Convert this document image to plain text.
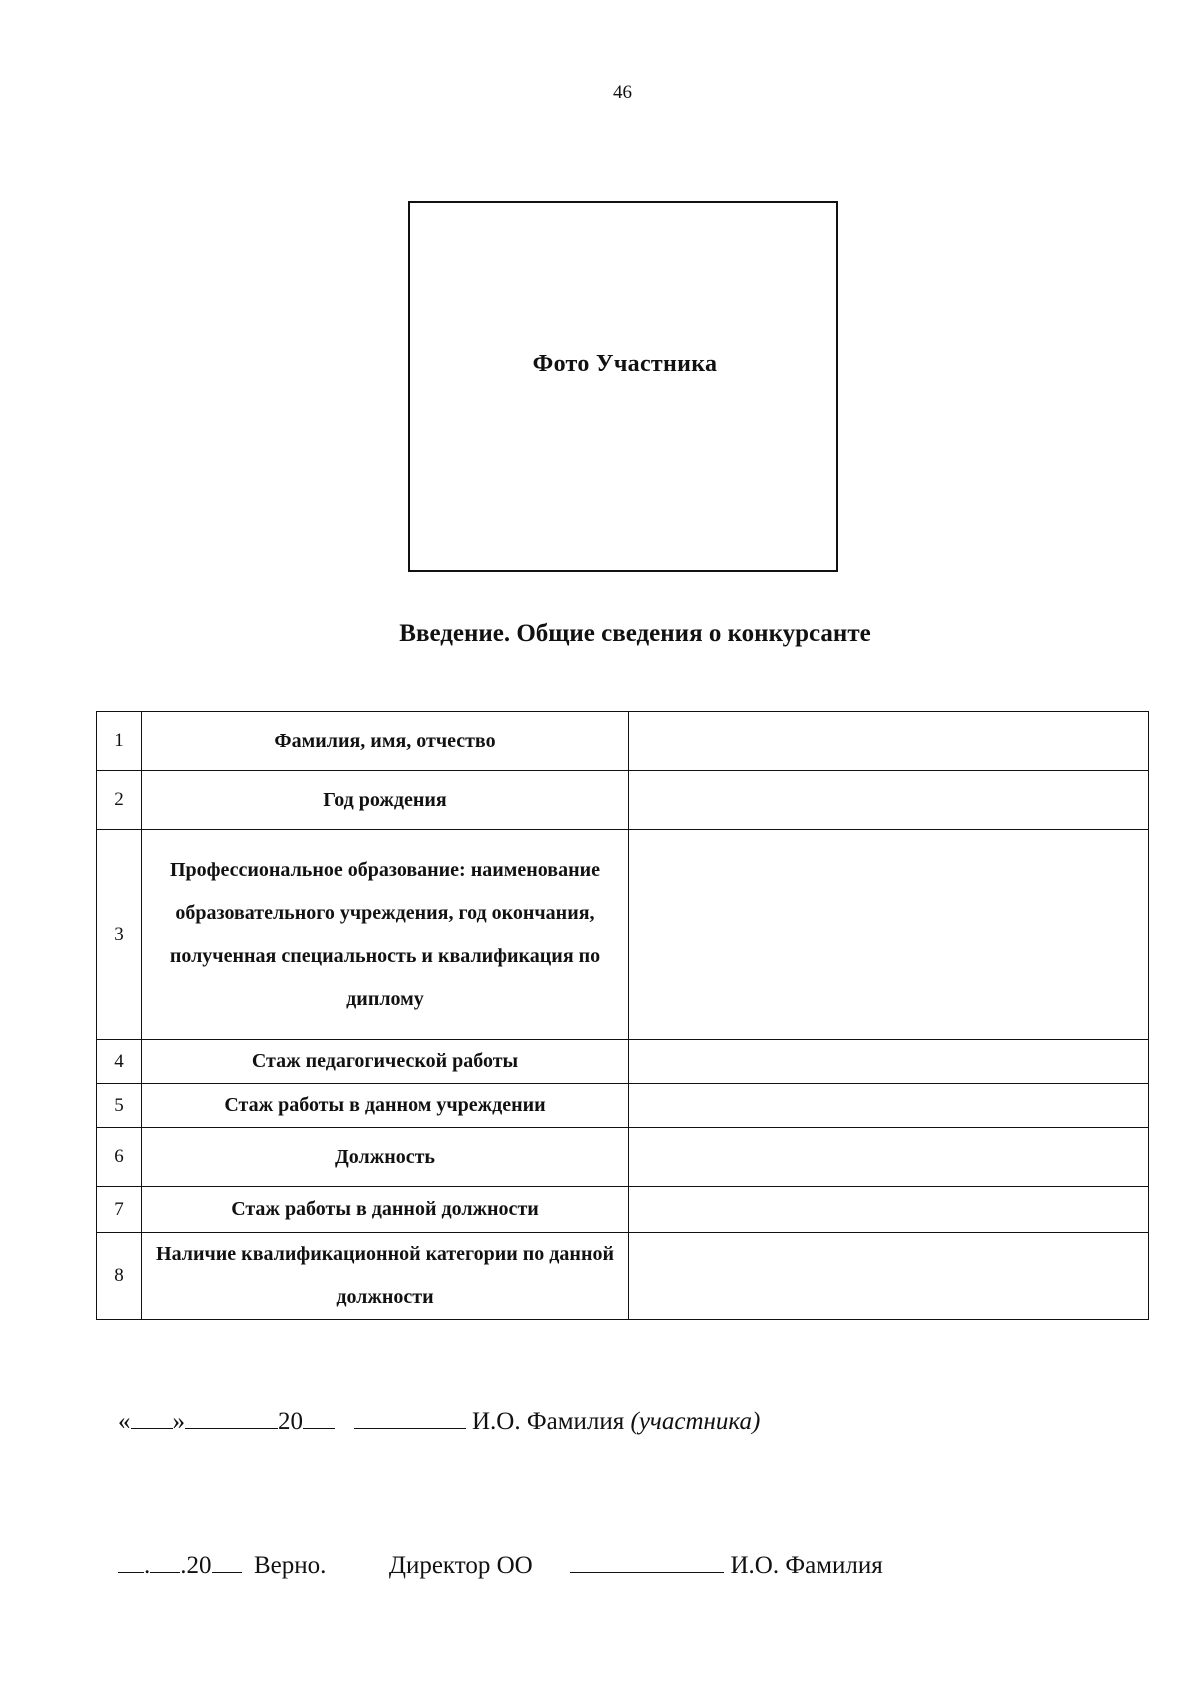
46
Фото Участника
Введение. Общие сведения о конкурсанте
1	Фамилия, имя, отчество	
2	Год рождения	
3	Профессиональное образование: наименование образовательного учреждения, год окончания, полученная специальность и квалификация по диплому	
4	Стаж педагогической работы	
5	Стаж работы в данном учреждении	
6	Должность	
7	Стаж работы в данной должности	
8	Наличие квалификационной категории по данной должности	
« »	20	И.О. Фамилия (участника)
. .20 Верно.	Директор ОО	И.О. Фамилия
